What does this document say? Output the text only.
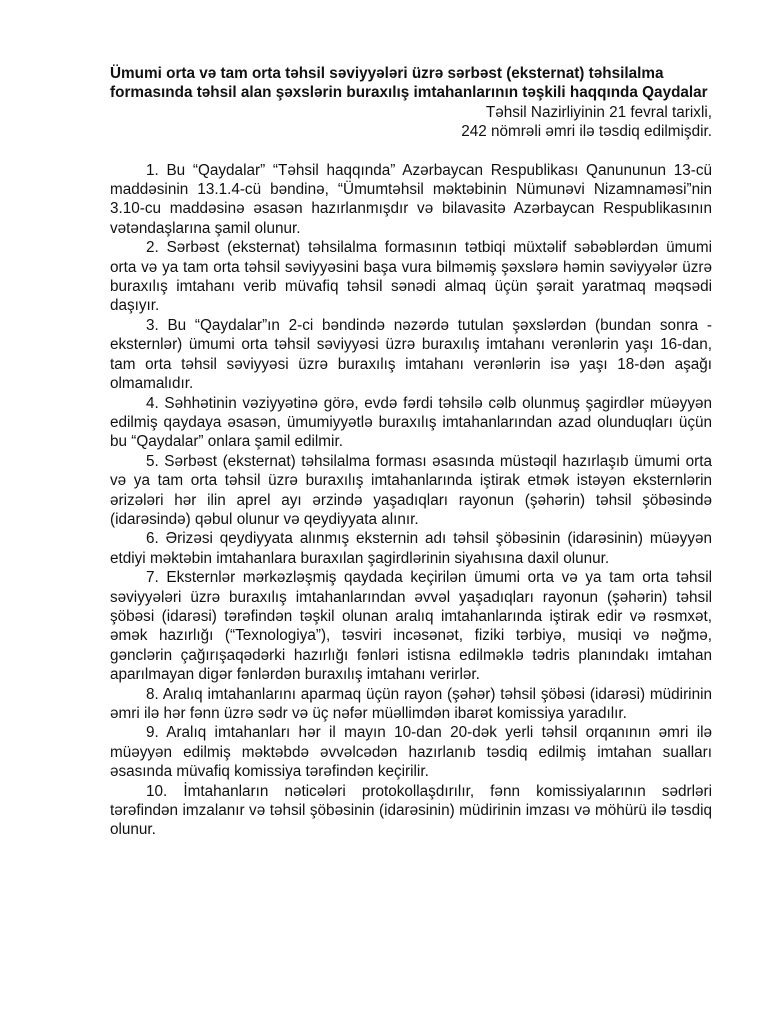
Ümumi orta və tam orta təhsil səviyyələri üzrə sərbəst (eksternat) təhsilalma formasında təhsil alan şəxslərin buraxılış imtahanlarının təşkili haqqında Qaydalar

Təhsil Nazirliyinin 21 fevral tarixli,
242 nömrəli əmri ilə təsdiq edilmişdir.

1. Bu “Qaydalar” “Təhsil haqqında” Azərbaycan Respublikası Qanununun 13-cü maddəsinin 13.1.4-cü bəndinə, “Ümumtəhsil məktəbinin Nümunəvi Nizamnaməsi”nin 3.10-cu maddəsinə əsasən hazırlanmışdır və bilavasitə Azərbaycan Respublikasının vətəndaşlarına şamil olunur.

2. Sərbəst (eksternat) təhsilalma formasının tətbiqi müxtəlif səbəblərdən ümumi orta və ya tam orta təhsil səviyyəsini başa vura bilməmiş şəxslərə həmin səviyyələr üzrə buraxılış imtahanı verib müvafiq təhsil sənədi almaq üçün şərait yaratmaq məqsədi daşıyır.

3. Bu “Qaydalar”ın 2-ci bəndində nəzərdə tutulan şəxslərdən (bundan sonra - eksternlər) ümumi orta təhsil səviyyəsi üzrə buraxılış imtahanı verənlərin yaşı 16-dan, tam orta təhsil səviyyəsi üzrə buraxılış imtahanı verənlərin isə yaşı 18-dən aşağı olmamalıdır.

4. Səhhətinin vəziyyətinə görə, evdə fərdi təhsilə cəlb olunmuş şagirdlər müəyyən edilmiş qaydaya əsasən, ümumiyyətlə buraxılış imtahanlarından azad olunduqları üçün bu “Qaydalar” onlara şamil edilmir.

5. Sərbəst (eksternat) təhsilalma forması əsasında müstəqil hazırlaşıb ümumi orta və ya tam orta təhsil üzrə buraxılış imtahanlarında iştirak etmək istəyən eksternlərin ərizələri hər ilin aprel ayı ərzində yaşadıqları rayonun (şəhərin) təhsil şöbəsində (idarəsində) qəbul olunur və qeydiyyata alınır.

6. Ərizəsi qeydiyyata alınmış eksternin adı təhsil şöbəsinin (idarəsinin) müəyyən etdiyi məktəbin imtahanlara buraxılan şagirdlərinin siyahısına daxil olunur.

7. Eksternlər mərkəzləşmiş qaydada keçirilən ümumi orta və ya tam orta təhsil səviyyələri üzrə buraxılış imtahanlarından əvvəl yaşadıqları rayonun (şəhərin) təhsil şöbəsi (idarəsi) tərəfindən təşkil olunan aralıq imtahanlarında iştirak edir və rəsmxət, əmək hazırlığı (“Texnologiya”), təsviri incəsənət, fiziki tərbiyə, musiqi və nəğmə, gənclərin çağırışaqədərki hazırlığı fənləri istisna edilməklə tədris planındakı imtahan aparılmayan digər fənlərdən buraxılış imtahanı verirlər.

8. Aralıq imtahanlarını aparmaq üçün rayon (şəhər) təhsil şöbəsi (idarəsi) müdirinin əmri ilə hər fənn üzrə sədr və üç nəfər müəllimdən ibarət komissiya yaradılır.

9. Aralıq imtahanları hər il mayın 10-dan 20-dək yerli təhsil orqanının əmri ilə müəyyən edilmiş məktəbdə əvvəlcədən hazırlanıb təsdiq edilmiş imtahan sualları əsasında müvafiq komissiya tərəfindən keçirilir.

10. İmtahanların nəticələri protokollaşdırılır, fənn komissiyalarının sədrləri tərəfindən imzalanır və təhsil şöbəsinin (idarəsinin) müdirinin imzası və möhürü ilə təsdiq olunur.
